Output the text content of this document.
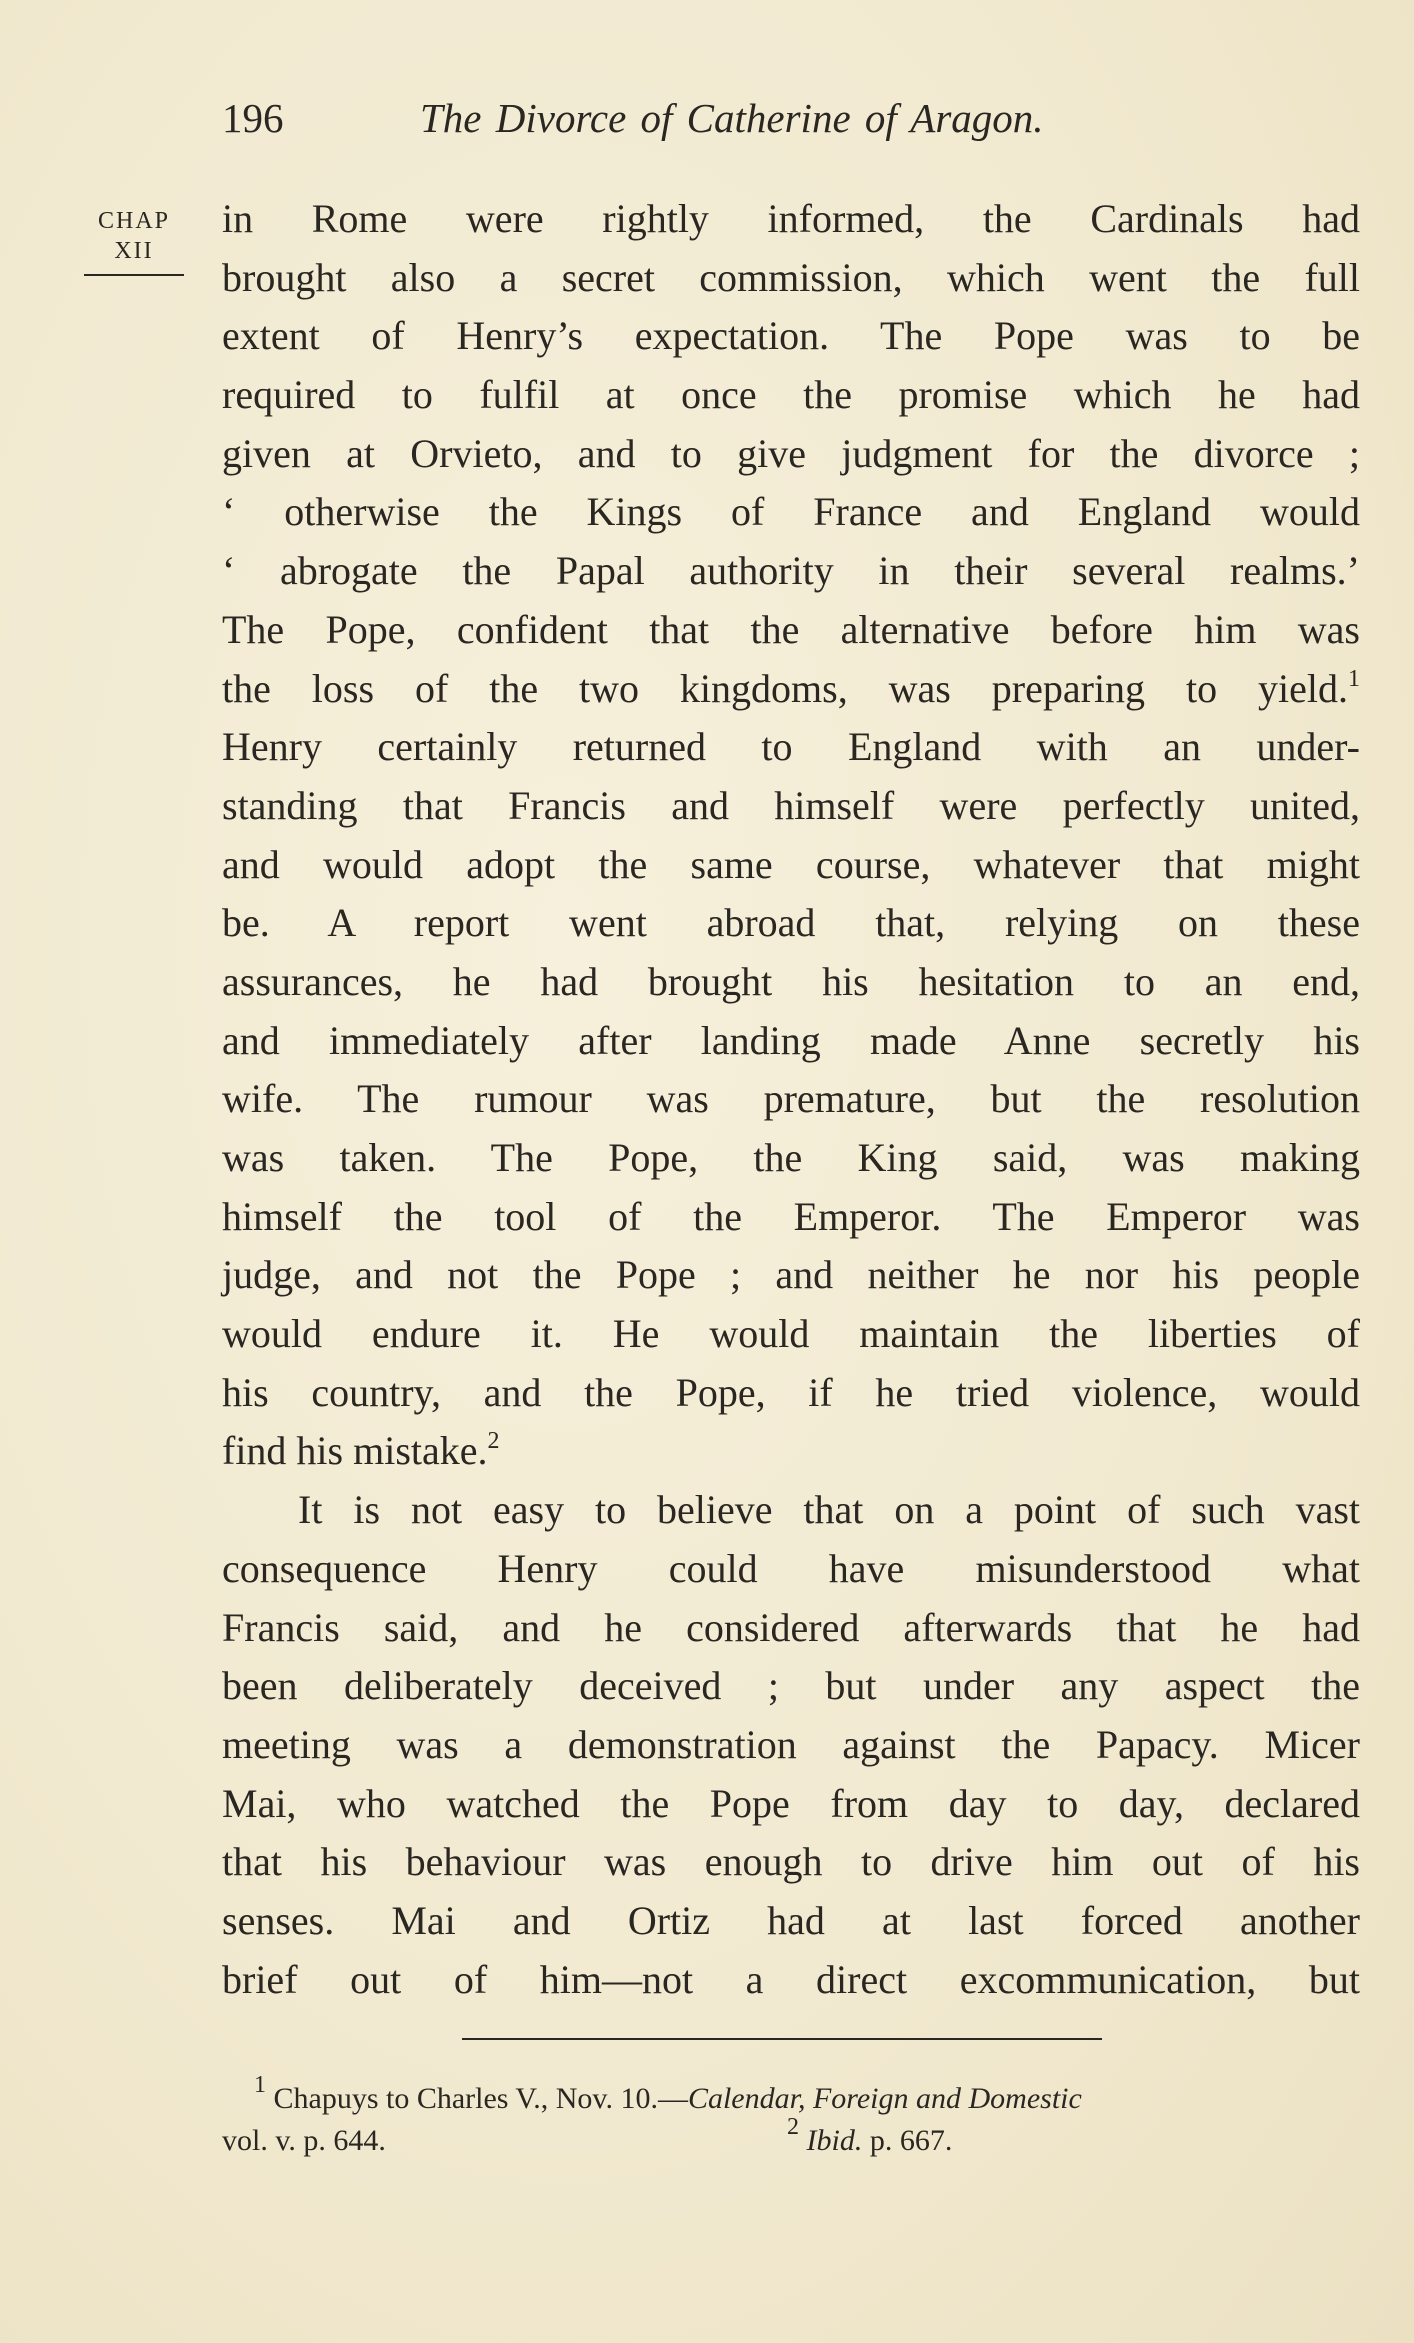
196	The Divorce of Catherine of Aragon.
CHAP
XII
in Rome were rightly informed, the Cardinals had
brought also a secret commission, which went the full
extent of Henry’s expectation. The Pope was to be
required to fulfil at once the promise which he had
given at Orvieto, and to give judgment for the divorce ;
‘ otherwise the Kings of France and England would
‘ abrogate the Papal authority in their several realms.’
The Pope, confident that the alternative before him was
the loss of the two kingdoms, was preparing to yield.$^1$
Henry certainly returned to England with an under-
standing that Francis and himself were perfectly united,
and would adopt the same course, whatever that might
be. A report went abroad that, relying on these
assurances, he had brought his hesitation to an end,
and immediately after landing made Anne secretly his
wife. The rumour was premature, but the resolution
was taken. The Pope, the King said, was making
himself the tool of the Emperor. The Emperor was
judge, and not the Pope ; and neither he nor his people
would endure it. He would maintain the liberties of
his country, and the Pope, if he tried violence, would
find his mistake.$^2$
It is not easy to believe that on a point of such vast
consequence Henry could have misunderstood what
Francis said, and he considered afterwards that he had
been deliberately deceived ; but under any aspect the
meeting was a demonstration against the Papacy. Micer
Mai, who watched the Pope from day to day, declared
that his behaviour was enough to drive him out of his
senses. Mai and Ortiz had at last forced another
brief out of him—not a direct excommunication, but
$^1$ Chapuys to Charles V., Nov. 10.—Calendar, Foreign and Domestic
vol. v. p. 644.	$^2$ Ibid. p. 667.
